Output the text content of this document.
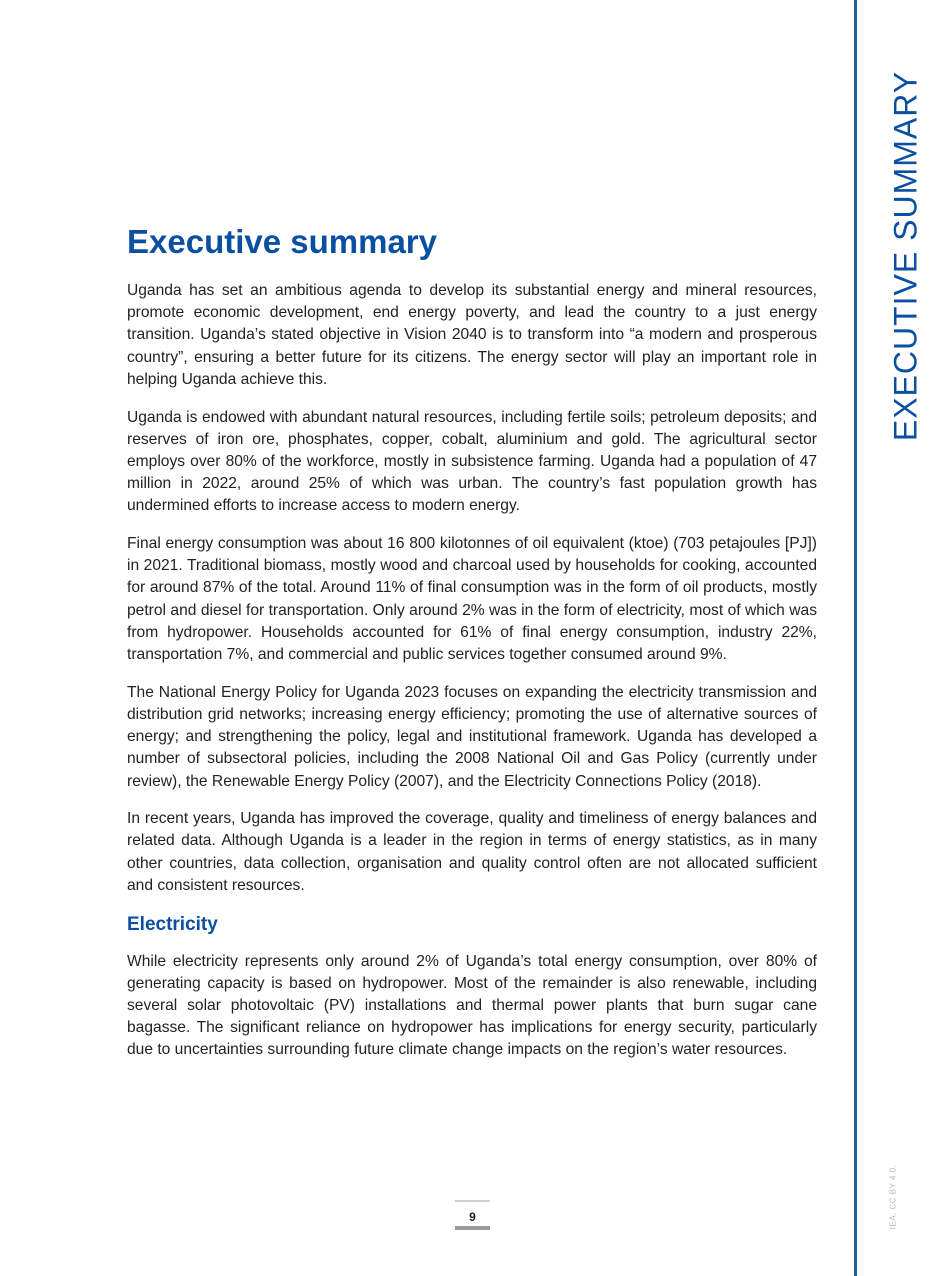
EXECUTIVE SUMMARY
IEA. CC BY 4.0.
Executive summary

Uganda has set an ambitious agenda to develop its substantial energy and mineral resources, promote economic development, end energy poverty, and lead the country to a just energy transition. Uganda’s stated objective in Vision 2040 is to transform into “a modern and prosperous country”, ensuring a better future for its citizens. The energy sector will play an important role in helping Uganda achieve this.

Uganda is endowed with abundant natural resources, including fertile soils; petroleum deposits; and reserves of iron ore, phosphates, copper, cobalt, aluminium and gold. The agricultural sector employs over 80% of the workforce, mostly in subsistence farming. Uganda had a population of 47 million in 2022, around 25% of which was urban. The country’s fast population growth has undermined efforts to increase access to modern energy.

Final energy consumption was about 16 800 kilotonnes of oil equivalent (ktoe) (703 petajoules [PJ]) in 2021. Traditional biomass, mostly wood and charcoal used by households for cooking, accounted for around 87% of the total. Around 11% of final consumption was in the form of oil products, mostly petrol and diesel for transportation. Only around 2% was in the form of electricity, most of which was from hydropower. Households accounted for 61% of final energy consumption, industry 22%, transportation 7%, and commercial and public services together consumed around 9%.

The National Energy Policy for Uganda 2023 focuses on expanding the electricity transmission and distribution grid networks; increasing energy efficiency; promoting the use of alternative sources of energy; and strengthening the policy, legal and institutional framework. Uganda has developed a number of subsectoral policies, including the 2008 National Oil and Gas Policy (currently under review), the Renewable Energy Policy (2007), and the Electricity Connections Policy (2018).

In recent years, Uganda has improved the coverage, quality and timeliness of energy balances and related data. Although Uganda is a leader in the region in terms of energy statistics, as in many other countries, data collection, organisation and quality control often are not allocated sufficient and consistent resources.

Electricity

While electricity represents only around 2% of Uganda’s total energy consumption, over 80% of generating capacity is based on hydropower. Most of the remainder is also renewable, including several solar photovoltaic (PV) installations and thermal power plants that burn sugar cane bagasse. The significant reliance on hydropower has implications for energy security, particularly due to uncertainties surrounding future climate change impacts on the region’s water resources.

9
